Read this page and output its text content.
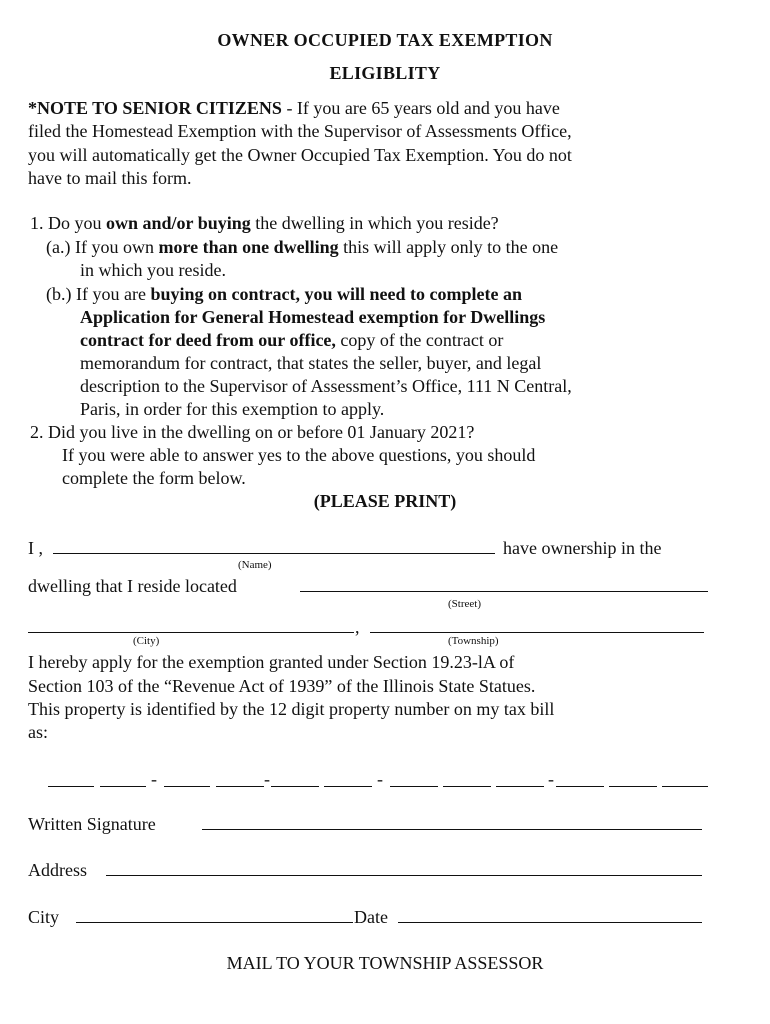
OWNER OCCUPIED TAX EXEMPTION
ELIGIBLITY
*NOTE TO SENIOR CITIZENS - If you are 65 years old and you have
filed the Homestead Exemption with the Supervisor of Assessments Office,
you will automatically get the Owner Occupied Tax Exemption. You do not
have to mail this form.
1. Do you own and/or buying the dwelling in which you reside?
(a.) If you own more than one dwelling this will apply only to the one
in which you reside.
(b.) If you are buying on contract, you will need to complete an
Application for General Homestead exemption for Dwellings
contract for deed from our office, copy of the contract or
memorandum for contract, that states the seller, buyer, and legal
description to the Supervisor of Assessment’s Office, 111 N Central,
Paris, in order for this exemption to apply.
2. Did you live in the dwelling on or before 01 January 2021?
If you were able to answer yes to the above questions, you should
complete the form below.
(PLEASE PRINT)
I ,	have ownership in the
(Name)
dwelling that I reside located
(Street)
,
(City)	(Township)
I hereby apply for the exemption granted under Section 19.23-lA of
Section 103 of the “Revenue Act of 1939” of the Illinois State Statues.
This property is identified by the 12 digit property number on my tax bill
as:
-	-	-	-
Written Signature
Address
City	Date
MAIL TO YOUR TOWNSHIP ASSESSOR
